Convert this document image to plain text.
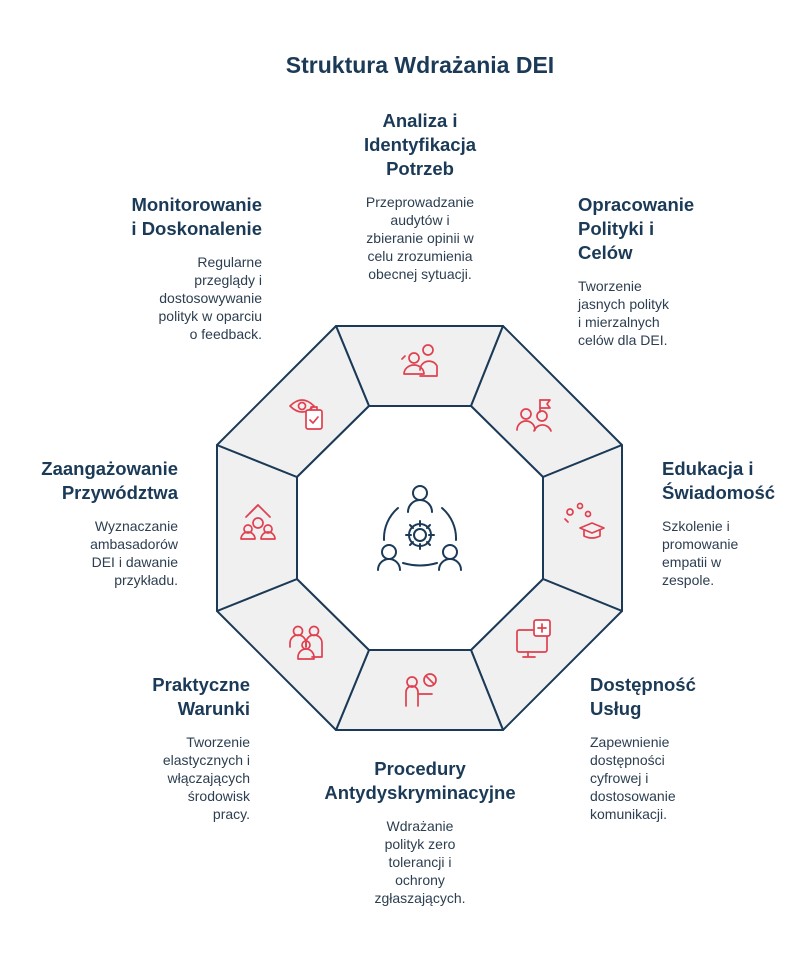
Struktura Wdrażania DEI
Analiza i
Identyfikacja
Potrzeb

Przeprowadzanie
audytów i
zbieranie opinii w
celu zrozumienia
obecnej sytuacji.

Opracowanie
Polityki i
Celów

Tworzenie
jasnych polityk
i mierzalnych
celów dla DEI.

Edukacja i
Świadomość

Szkolenie i
promowanie
empatii w
zespole.

Dostępność
Usług

Zapewnienie
dostępności
cyfrowej i
dostosowanie
komunikacji.

Procedury
Antydyskryminacyjne

Wdrażanie
polityk zero
tolerancji i
ochrony
zgłaszających.

Praktyczne
Warunki

Tworzenie
elastycznych i
włączających
środowisk
pracy.

Zaangażowanie
Przywództwa

Wyznaczanie
ambasadorów
DEI i dawanie
przykładu.

Monitorowanie
i Doskonalenie

Regularne
przeglądy i
dostosowywanie
polityk w oparciu
o feedback.
